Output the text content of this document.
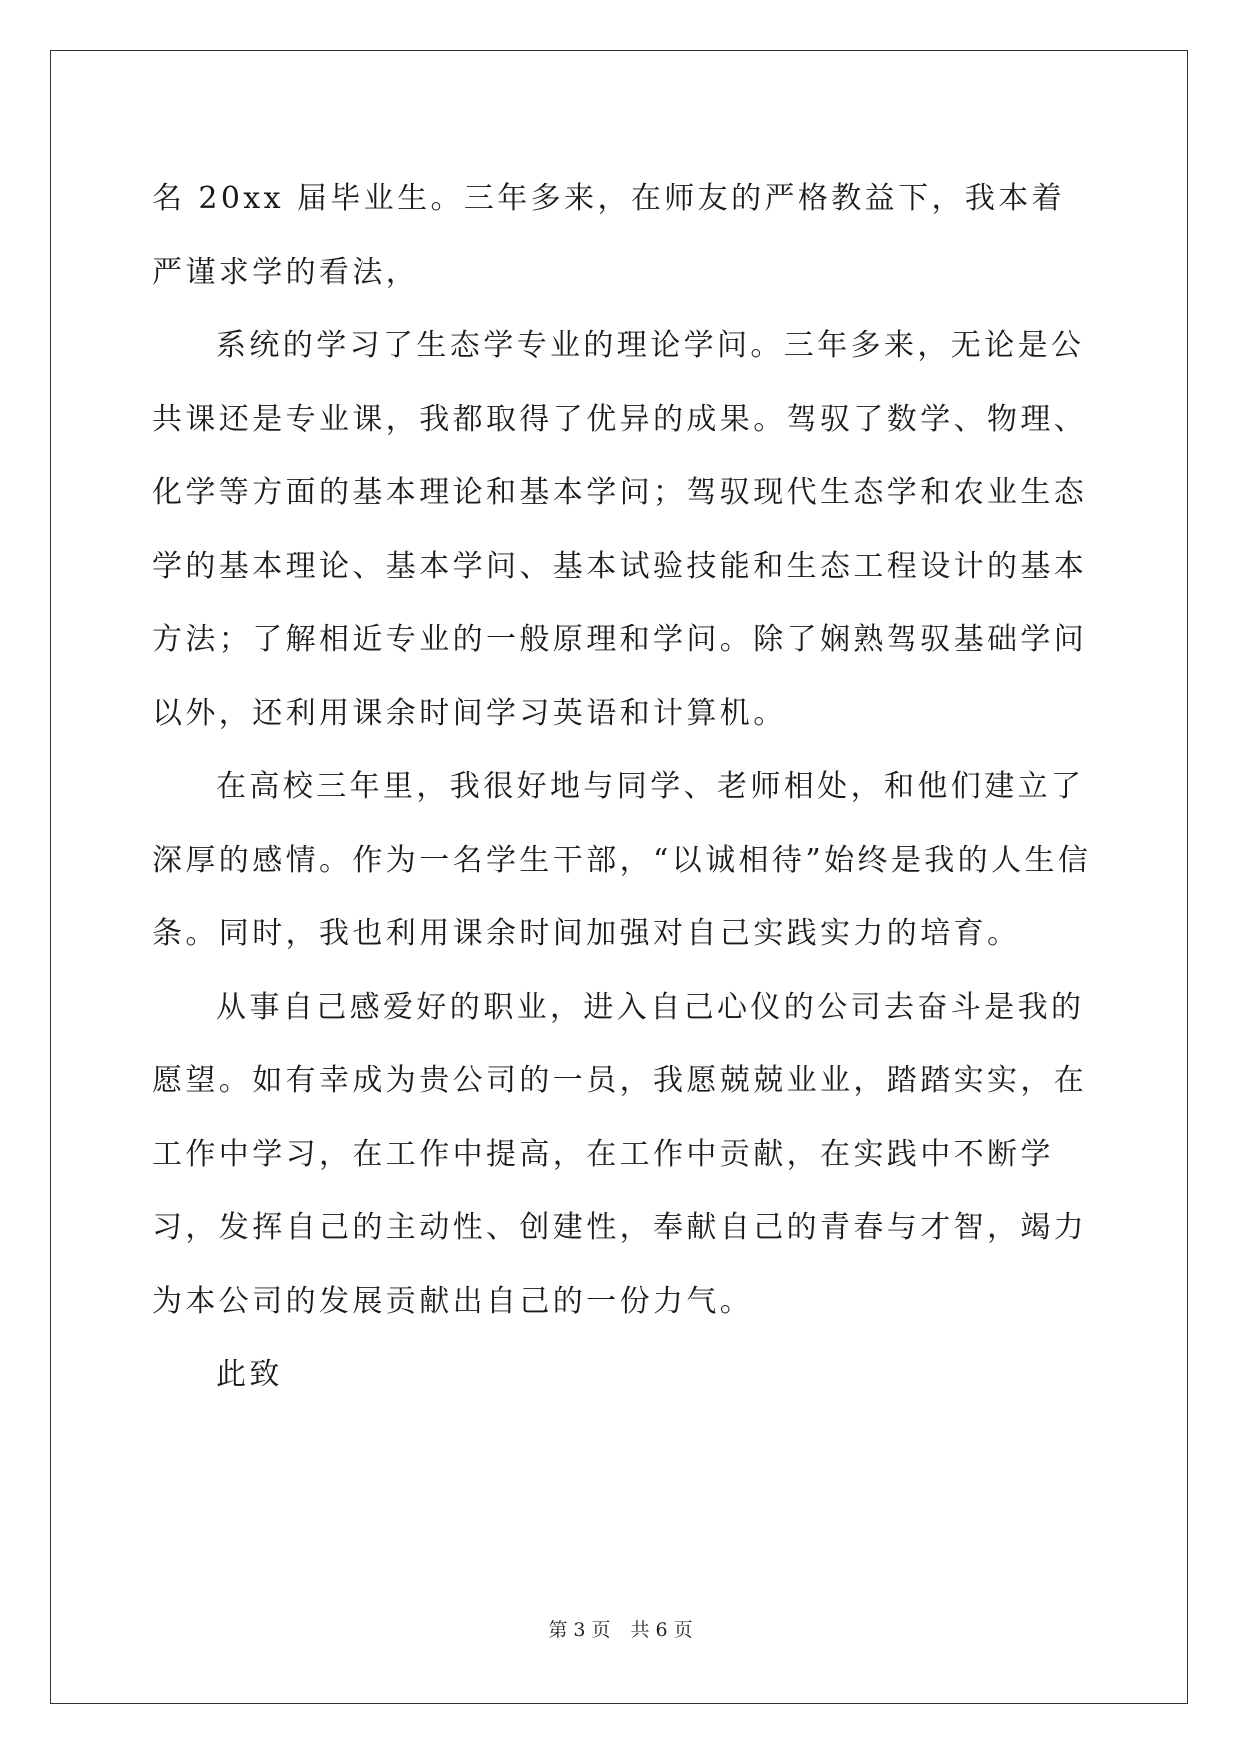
名 20xx 届毕业生。三年多来，在师友的严格教益下，我本着严谨求学的看法，

系统的学习了生态学专业的理论学问。三年多来，无论是公共课还是专业课，我都取得了优异的成果。驾驭了数学、物理、化学等方面的基本理论和基本学问；驾驭现代生态学和农业生态学的基本理论、基本学问、基本试验技能和生态工程设计的基本方法；了解相近专业的一般原理和学问。除了娴熟驾驭基础学问以外，还利用课余时间学习英语和计算机。

在高校三年里，我很好地与同学、老师相处，和他们建立了深厚的感情。作为一名学生干部，“以诚相待”始终是我的人生信条。同时，我也利用课余时间加强对自己实践实力的培育。

从事自己感爱好的职业，进入自己心仪的公司去奋斗是我的愿望。如有幸成为贵公司的一员，我愿兢兢业业，踏踏实实，在工作中学习，在工作中提高，在工作中贡献，在实践中不断学习，发挥自己的主动性、创建性，奉献自己的青春与才智，竭力为本公司的发展贡献出自己的一份力气。

此致

第 3 页 共 6 页
